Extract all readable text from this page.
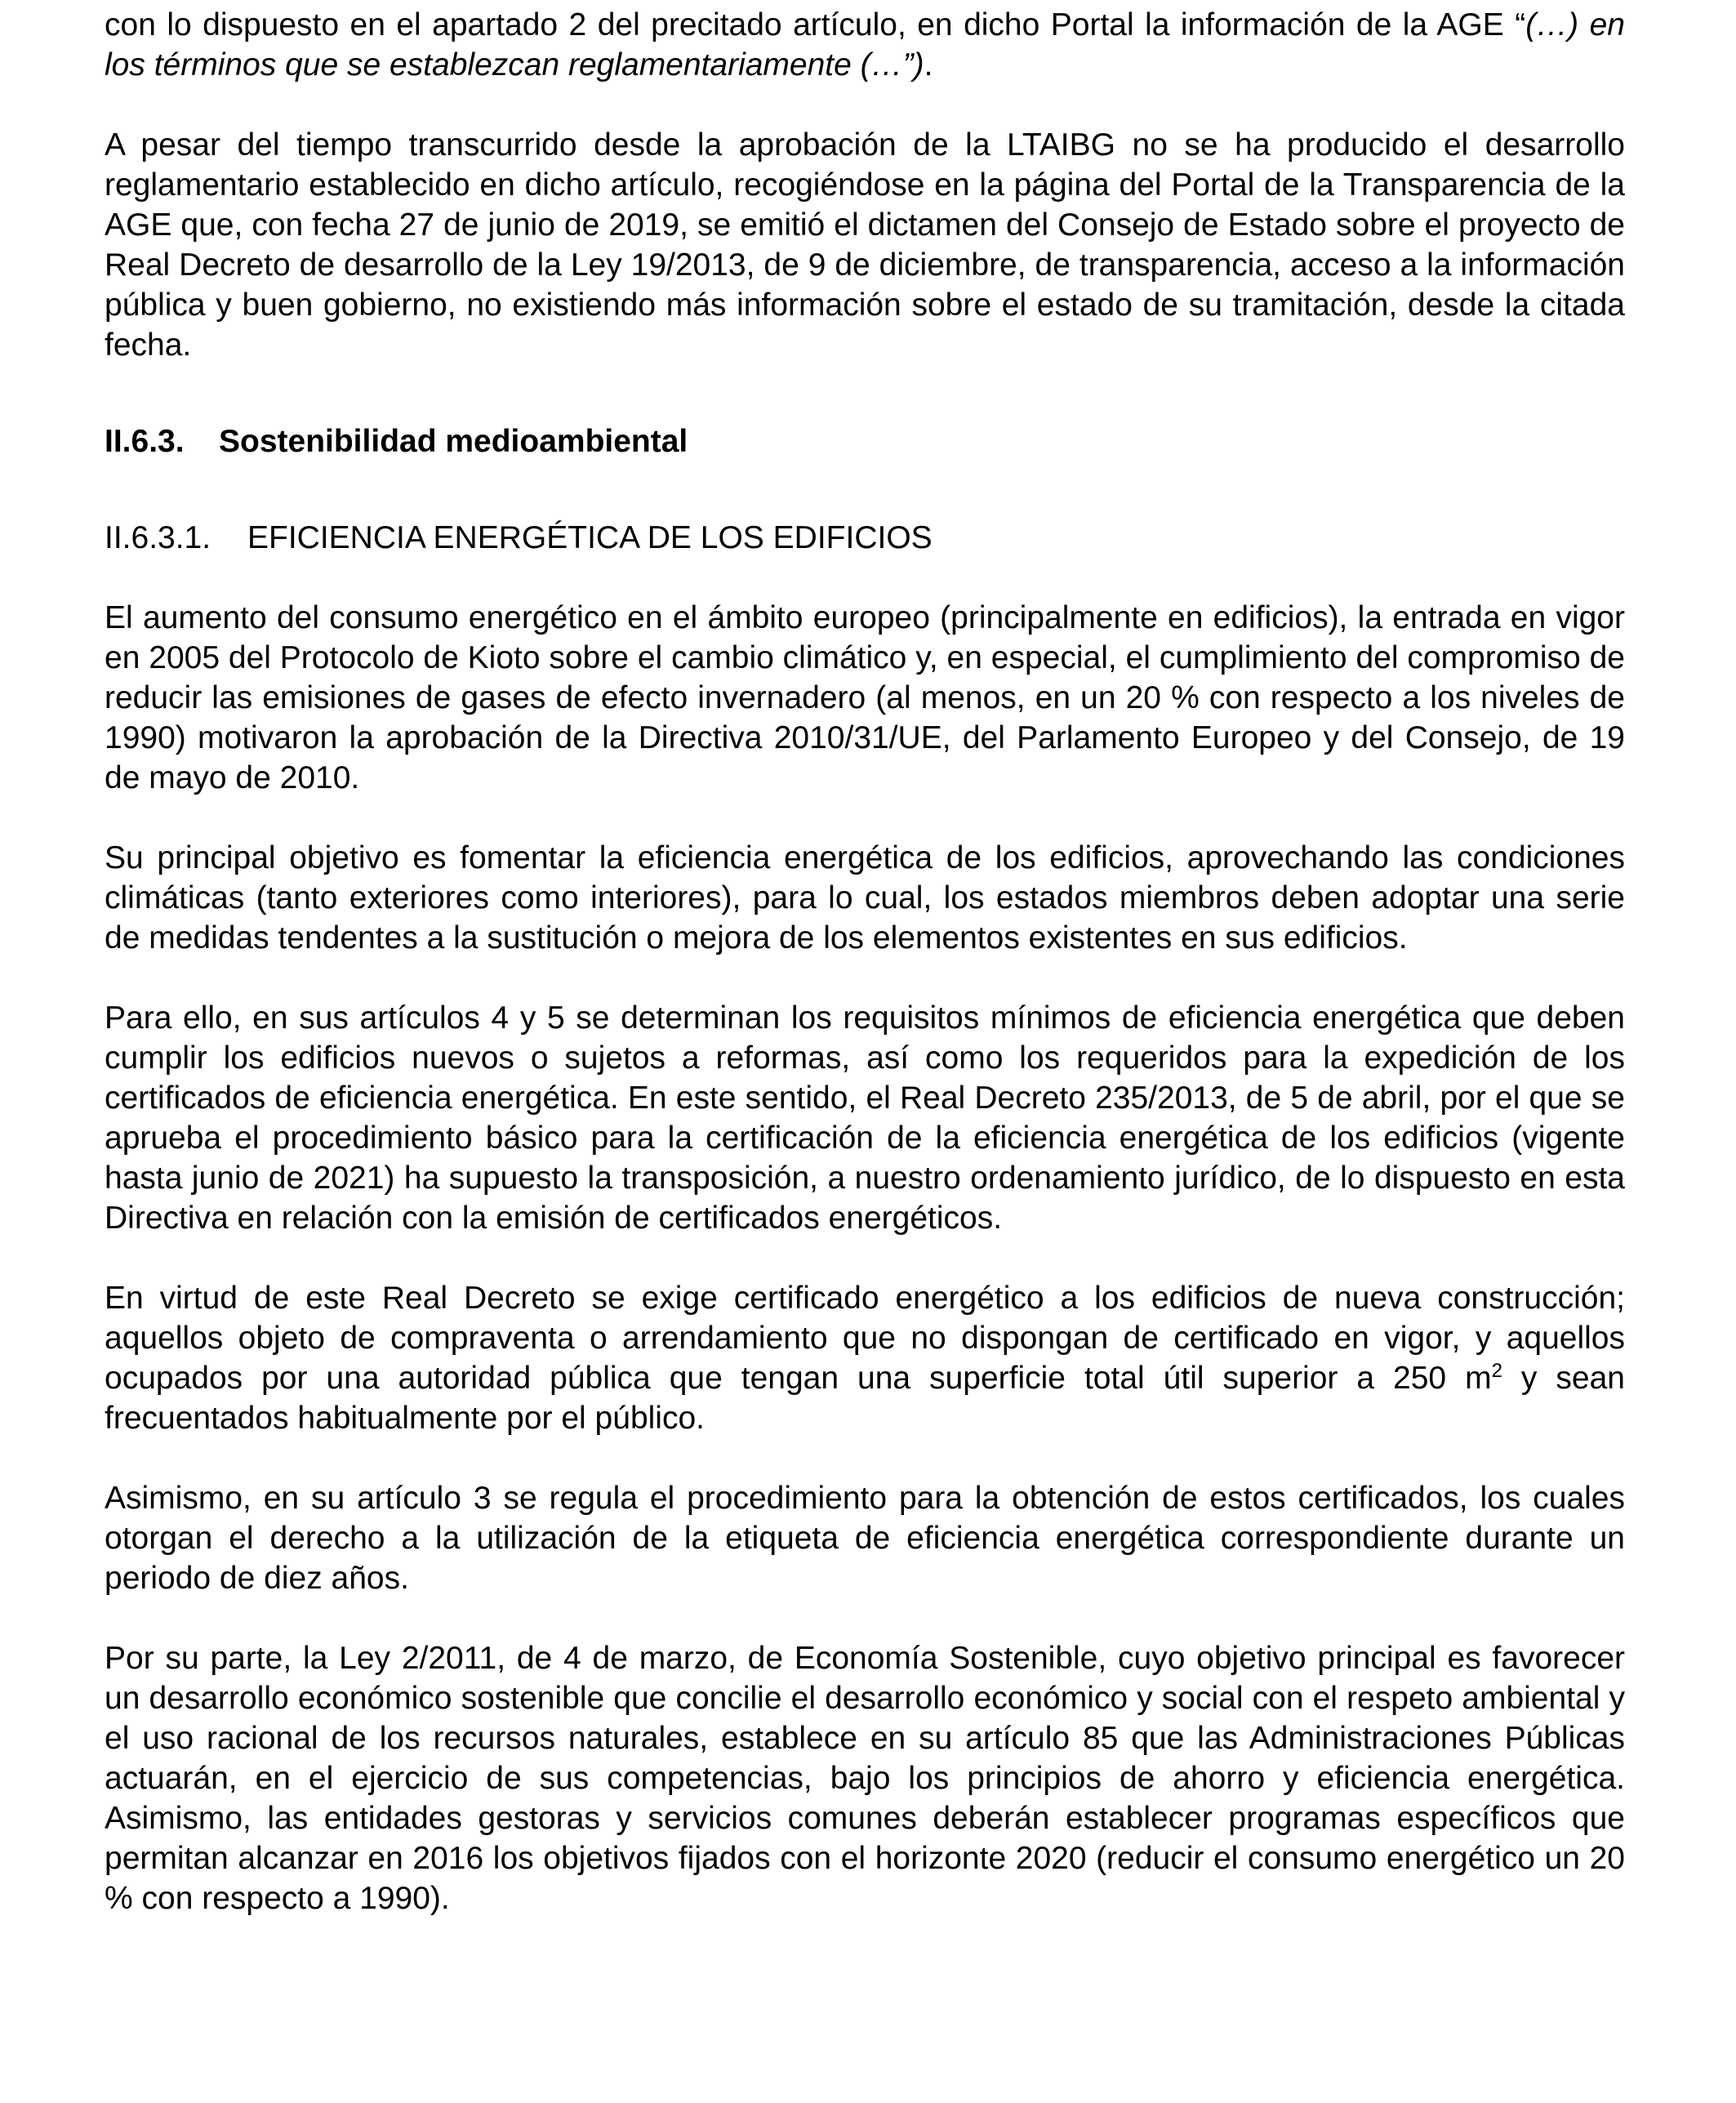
con lo dispuesto en el apartado 2 del precitado artículo, en dicho Portal la información de la AGE “(…) en los términos que se establezcan reglamentariamente (…”).

A pesar del tiempo transcurrido desde la aprobación de la LTAIBG no se ha producido el desarrollo reglamentario establecido en dicho artículo, recogiéndose en la página del Portal de la Transparencia de la AGE que, con fecha 27 de junio de 2019, se emitió el dictamen del Consejo de Estado sobre el proyecto de Real Decreto de desarrollo de la Ley 19/2013, de 9 de diciembre, de transparencia, acceso a la información pública y buen gobierno, no existiendo más información sobre el estado de su tramitación, desde la citada fecha.

II.6.3. Sostenibilidad medioambiental
II.6.3.1. EFICIENCIA ENERGÉTICA DE LOS EDIFICIOS

El aumento del consumo energético en el ámbito europeo (principalmente en edificios), la entrada en vigor en 2005 del Protocolo de Kioto sobre el cambio climático y, en especial, el cumplimiento del compromiso de reducir las emisiones de gases de efecto invernadero (al menos, en un 20 % con respecto a los niveles de 1990) motivaron la aprobación de la Directiva 2010/31/UE, del Parlamento Europeo y del Consejo, de 19 de mayo de 2010.

Su principal objetivo es fomentar la eficiencia energética de los edificios, aprovechando las condiciones climáticas (tanto exteriores como interiores), para lo cual, los estados miembros deben adoptar una serie de medidas tendentes a la sustitución o mejora de los elementos existentes en sus edificios.

Para ello, en sus artículos 4 y 5 se determinan los requisitos mínimos de eficiencia energética que deben cumplir los edificios nuevos o sujetos a reformas, así como los requeridos para la expedición de los certificados de eficiencia energética. En este sentido, el Real Decreto 235/2013, de 5 de abril, por el que se aprueba el procedimiento básico para la certificación de la eficiencia energética de los edificios (vigente hasta junio de 2021) ha supuesto la transposición, a nuestro ordenamiento jurídico, de lo dispuesto en esta Directiva en relación con la emisión de certificados energéticos.

En virtud de este Real Decreto se exige certificado energético a los edificios de nueva construcción; aquellos objeto de compraventa o arrendamiento que no dispongan de certificado en vigor, y aquellos ocupados por una autoridad pública que tengan una superficie total útil superior a 250 $m^2$ y sean frecuentados habitualmente por el público.

Asimismo, en su artículo 3 se regula el procedimiento para la obtención de estos certificados, los cuales otorgan el derecho a la utilización de la etiqueta de eficiencia energética correspondiente durante un periodo de diez años.

Por su parte, la Ley 2/2011, de 4 de marzo, de Economía Sostenible, cuyo objetivo principal es favorecer un desarrollo económico sostenible que concilie el desarrollo económico y social con el respeto ambiental y el uso racional de los recursos naturales, establece en su artículo 85 que las Administraciones Públicas actuarán, en el ejercicio de sus competencias, bajo los principios de ahorro y eficiencia energética. Asimismo, las entidades gestoras y servicios comunes deberán establecer programas específicos que permitan alcanzar en 2016 los objetivos fijados con el horizonte 2020 (reducir el consumo energético un 20 % con respecto a 1990).
